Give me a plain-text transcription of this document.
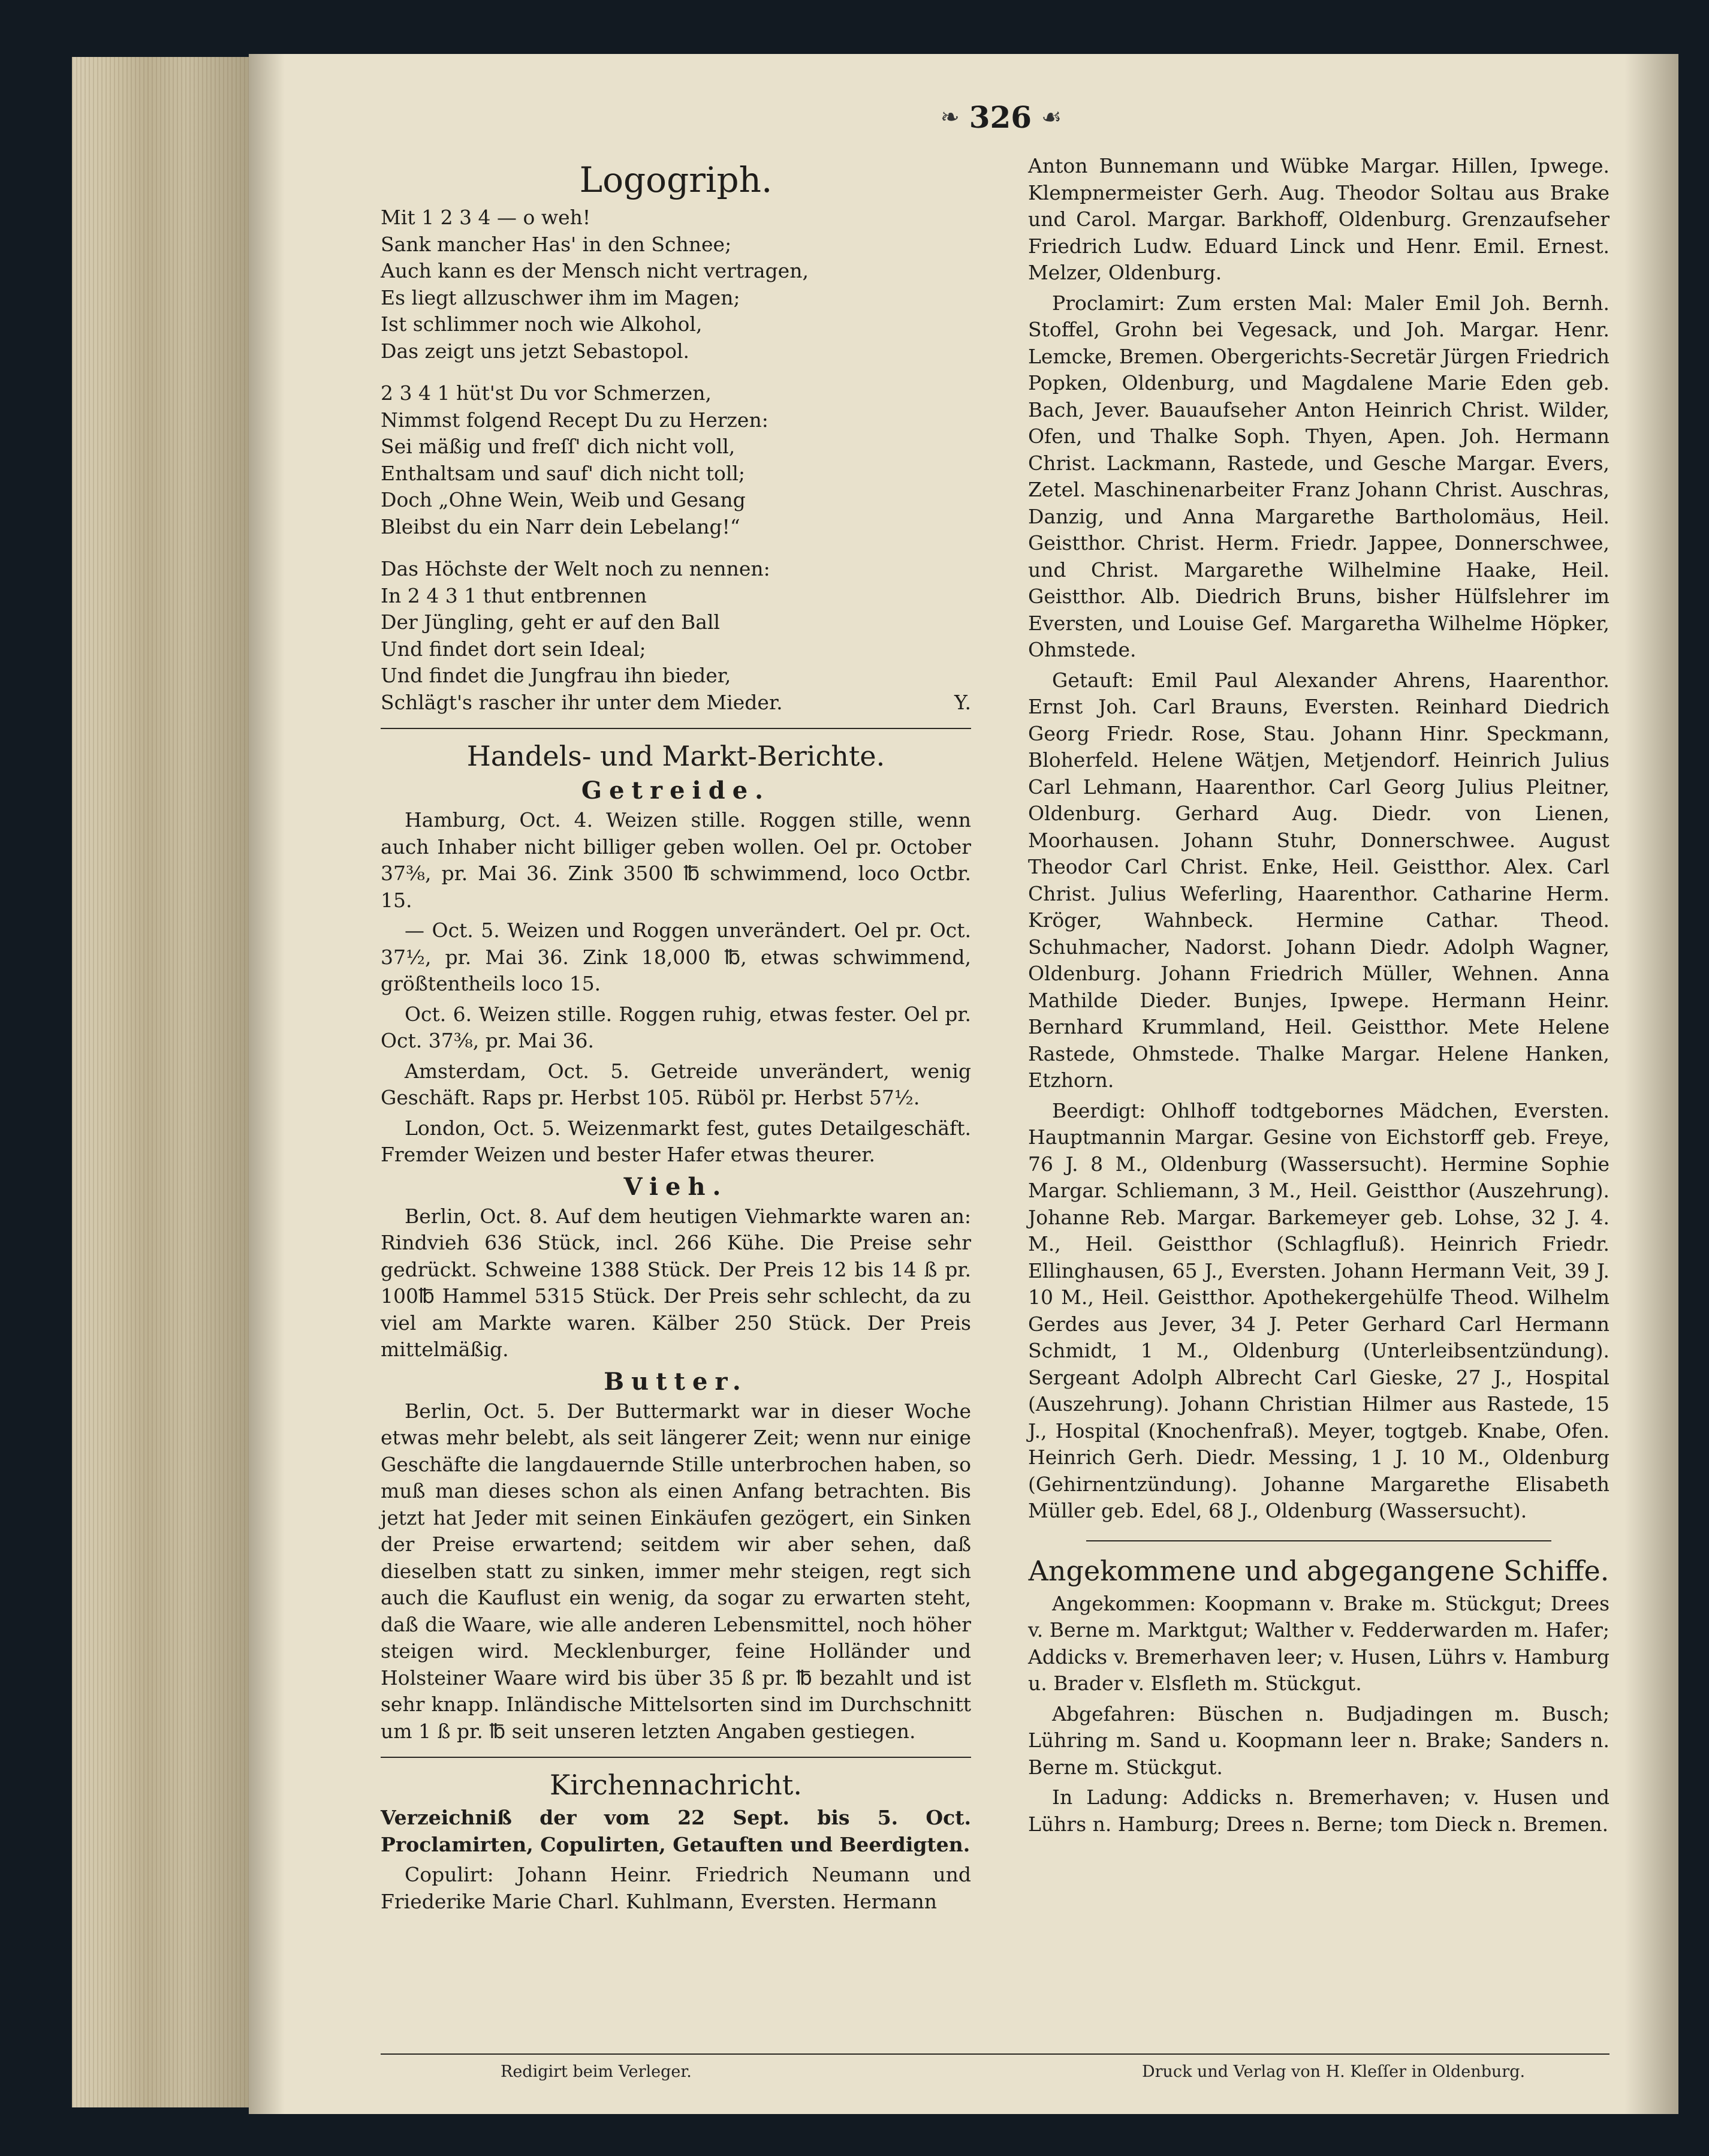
❧ 326 ☙
Logogriph.
Mit 1 2 3 4 — o weh!
Sank mancher Has' in den Schnee;
Auch kann es der Mensch nicht vertragen,
Es liegt allzuschwer ihm im Magen;
Ist schlimmer noch wie Alkohol,
Das zeigt uns jetzt Sebastopol.
2 3 4 1 hüt'st Du vor Schmerzen,
Nimmst folgend Recept Du zu Herzen:
Sei mäßig und freſſ' dich nicht voll,
Enthaltsam und sauf' dich nicht toll;
Doch „Ohne Wein, Weib und Gesang
Bleibst du ein Narr dein Lebelang!“
Das Höchste der Welt noch zu nennen:
In 2 4 3 1 thut entbrennen
Der Jüngling, geht er auf den Ball
Und findet dort sein Ideal;
Und findet die Jungfrau ihn bieder,
Schlägt's rascher ihr unter dem Mieder.	Y.
Handels- und Markt-Berichte.
Getreide.

Hamburg, Oct. 4. Weizen stille. Roggen stille, wenn auch Inhaber nicht billiger geben wollen. Oel pr. October 37⅜, pr. Mai 36. Zink 3500 ℔ schwimmend, loco Octbr. 15.

— Oct. 5. Weizen und Roggen unverändert. Oel pr. Oct. 37½, pr. Mai 36. Zink 18,000 ℔, etwas schwimmend, größtentheils loco 15.

Oct. 6. Weizen stille. Roggen ruhig, etwas fester. Oel pr. Oct. 37⅜, pr. Mai 36.

Amsterdam, Oct. 5. Getreide unverändert, wenig Geschäft. Raps pr. Herbst 105. Rüböl pr. Herbst 57½.

London, Oct. 5. Weizenmarkt fest, gutes Detailgeschäft. Fremder Weizen und bester Hafer etwas theurer.

Vieh.

Berlin, Oct. 8. Auf dem heutigen Viehmarkte waren an: Rindvieh 636 Stück, incl. 266 Kühe. Die Preise sehr gedrückt. Schweine 1388 Stück. Der Preis 12 bis 14 ß pr. 100℔ Hammel 5315 Stück. Der Preis sehr schlecht, da zu viel am Markte waren. Kälber 250 Stück. Der Preis mittelmäßig.

Butter.

Berlin, Oct. 5. Der Buttermarkt war in dieser Woche etwas mehr belebt, als seit längerer Zeit; wenn nur einige Geschäfte die langdauernde Stille unterbrochen haben, so muß man dieses schon als einen Anfang betrachten. Bis jetzt hat Jeder mit seinen Einkäufen gezögert, ein Sinken der Preise erwartend; seitdem wir aber sehen, daß dieselben statt zu sinken, immer mehr steigen, regt sich auch die Kauflust ein wenig, da sogar zu erwarten steht, daß die Waare, wie alle anderen Lebensmittel, noch höher steigen wird. Mecklenburger, feine Holländer und Holsteiner Waare wird bis über 35 ß pr. ℔ bezahlt und ist sehr knapp. Inländische Mittelsorten sind im Durchschnitt um 1 ß pr. ℔ seit unseren letzten Angaben gestiegen.

Kirchennachricht.

Verzeichniß der vom 22 Sept. bis 5. Oct. Proclamirten, Copulirten, Getauften und Beerdigten.

Copulirt: Johann Heinr. Friedrich Neumann und Friederike Marie Charl. Kuhlmann, Eversten. Hermann

Anton Bunnemann und Wübke Margar. Hillen, Ipwege. Klempnermeister Gerh. Aug. Theodor Soltau aus Brake und Carol. Margar. Barkhoff, Oldenburg. Grenzaufseher Friedrich Ludw. Eduard Linck und Henr. Emil. Ernest. Melzer, Oldenburg.

Proclamirt: Zum ersten Mal: Maler Emil Joh. Bernh. Stoffel, Grohn bei Vegesack, und Joh. Margar. Henr. Lemcke, Bremen. Obergerichts-Secretär Jürgen Friedrich Popken, Oldenburg, und Magdalene Marie Eden geb. Bach, Jever. Bauaufseher Anton Heinrich Christ. Wilder, Ofen, und Thalke Soph. Thyen, Apen. Joh. Hermann Christ. Lackmann, Rastede, und Gesche Margar. Evers, Zetel. Maschinenarbeiter Franz Johann Christ. Auschras, Danzig, und Anna Margarethe Bartholomäus, Heil. Geistthor. Christ. Herm. Friedr. Jappee, Donnerschwee, und Christ. Margarethe Wilhelmine Haake, Heil. Geistthor. Alb. Diedrich Bruns, bisher Hülfslehrer im Eversten, und Louise Gef. Margaretha Wilhelme Höpker, Ohmstede.

Getauft: Emil Paul Alexander Ahrens, Haarenthor. Ernst Joh. Carl Brauns, Eversten. Reinhard Diedrich Georg Friedr. Rose, Stau. Johann Hinr. Speckmann, Bloherfeld. Helene Wätjen, Metjendorf. Heinrich Julius Carl Lehmann, Haarenthor. Carl Georg Julius Pleitner, Oldenburg. Gerhard Aug. Diedr. von Lienen, Moorhausen. Johann Stuhr, Donnerschwee. August Theodor Carl Christ. Enke, Heil. Geistthor. Alex. Carl Christ. Julius Weferling, Haarenthor. Catharine Herm. Kröger, Wahnbeck. Hermine Cathar. Theod. Schuhmacher, Nadorst. Johann Diedr. Adolph Wagner, Oldenburg. Johann Friedrich Müller, Wehnen. Anna Mathilde Dieder. Bunjes, Ipwepe. Hermann Heinr. Bernhard Krummland, Heil. Geistthor. Mete Helene Rastede, Ohmstede. Thalke Margar. Helene Hanken, Etzhorn.

Beerdigt: Ohlhoff todtgebornes Mädchen, Eversten. Hauptmannin Margar. Gesine von Eichstorff geb. Freye, 76 J. 8 M., Oldenburg (Wassersucht). Hermine Sophie Margar. Schliemann, 3 M., Heil. Geistthor (Auszehrung). Johanne Reb. Margar. Barkemeyer geb. Lohse, 32 J. 4. M., Heil. Geistthor (Schlagfluß). Heinrich Friedr. Ellinghausen, 65 J., Eversten. Johann Hermann Veit, 39 J. 10 M., Heil. Geistthor. Apothekergehülfe Theod. Wilhelm Gerdes aus Jever, 34 J. Peter Gerhard Carl Hermann Schmidt, 1 M., Oldenburg (Unterleibsentzündung). Sergeant Adolph Albrecht Carl Gieske, 27 J., Hospital (Auszehrung). Johann Christian Hilmer aus Rastede, 15 J., Hospital (Knochenfraß). Meyer, togtgeb. Knabe, Ofen. Heinrich Gerh. Diedr. Messing, 1 J. 10 M., Oldenburg (Gehirnentzündung). Johanne Margarethe Elisabeth Müller geb. Edel, 68 J., Oldenburg (Wassersucht).

Angekommene und abgegangene Schiffe.

Angekommen: Koopmann v. Brake m. Stückgut; Drees v. Berne m. Marktgut; Walther v. Fedderwarden m. Hafer; Addicks v. Bremerhaven leer; v. Husen, Lührs v. Hamburg u. Brader v. Elsfleth m. Stückgut.

Abgefahren: Büschen n. Budjadingen m. Busch; Lühring m. Sand u. Koopmann leer n. Brake; Sanders n. Berne m. Stückgut.

In Ladung: Addicks n. Bremerhaven; v. Husen und Lührs n. Hamburg; Drees n. Berne; tom Dieck n. Bremen.

Redigirt beim Verleger.	Druck und Verlag von H. Kleſſer in Oldenburg.
